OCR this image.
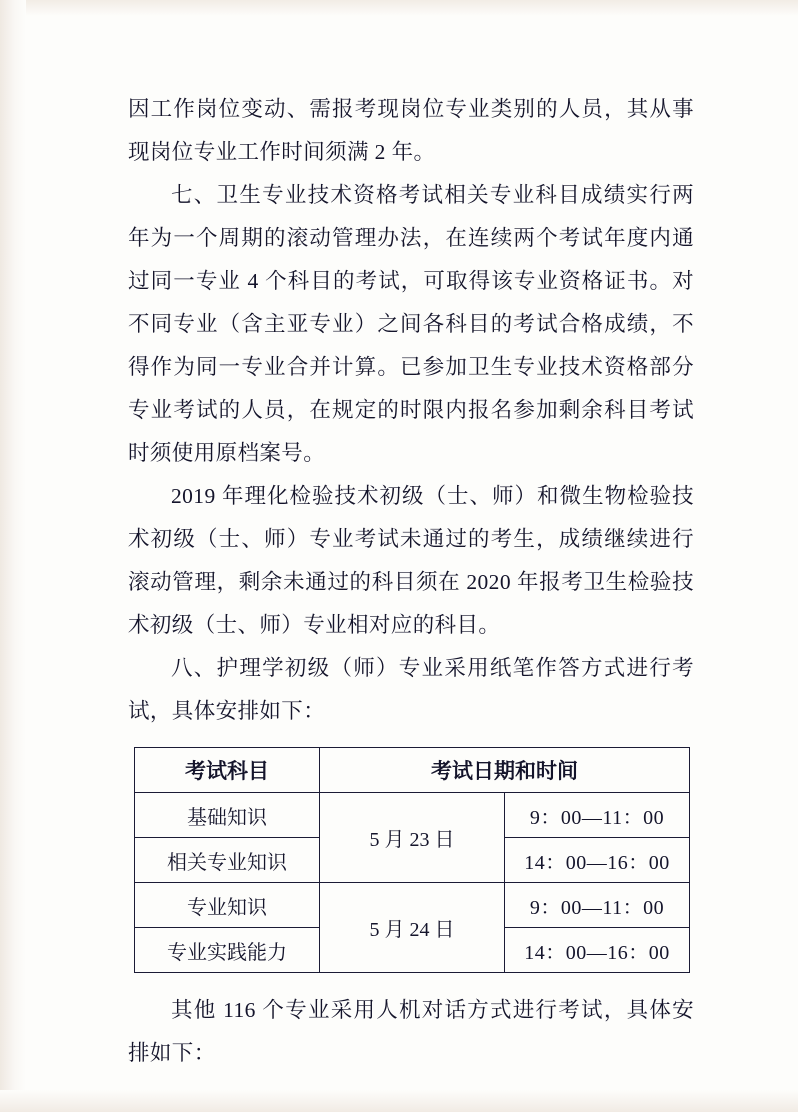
因工作岗位变动、需报考现岗位专业类别的人员，其从事现岗位专业工作时间须满 2 年。

七、卫生专业技术资格考试相关专业科目成绩实行两年为一个周期的滚动管理办法，在连续两个考试年度内通过同一专业 4 个科目的考试，可取得该专业资格证书。对不同专业（含主亚专业）之间各科目的考试合格成绩，不得作为同一专业合并计算。已参加卫生专业技术资格部分专业考试的人员，在规定的时限内报名参加剩余科目考试时须使用原档案号。

2019 年理化检验技术初级（士、师）和微生物检验技术初级（士、师）专业考试未通过的考生，成绩继续进行滚动管理，剩余未通过的科目须在 2020 年报考卫生检验技术初级（士、师）专业相对应的科目。

八、护理学初级（师）专业采用纸笔作答方式进行考试，具体安排如下：

考试科目	考试日期和时间	
基础知识	5 月 23 日	9：00—11：00
相关专业知识		14：00—16：00
专业知识	5 月 24 日	9：00—11：00
专业实践能力		14：00—16：00

其他 116 个专业采用人机对话方式进行考试，具体安排如下：
